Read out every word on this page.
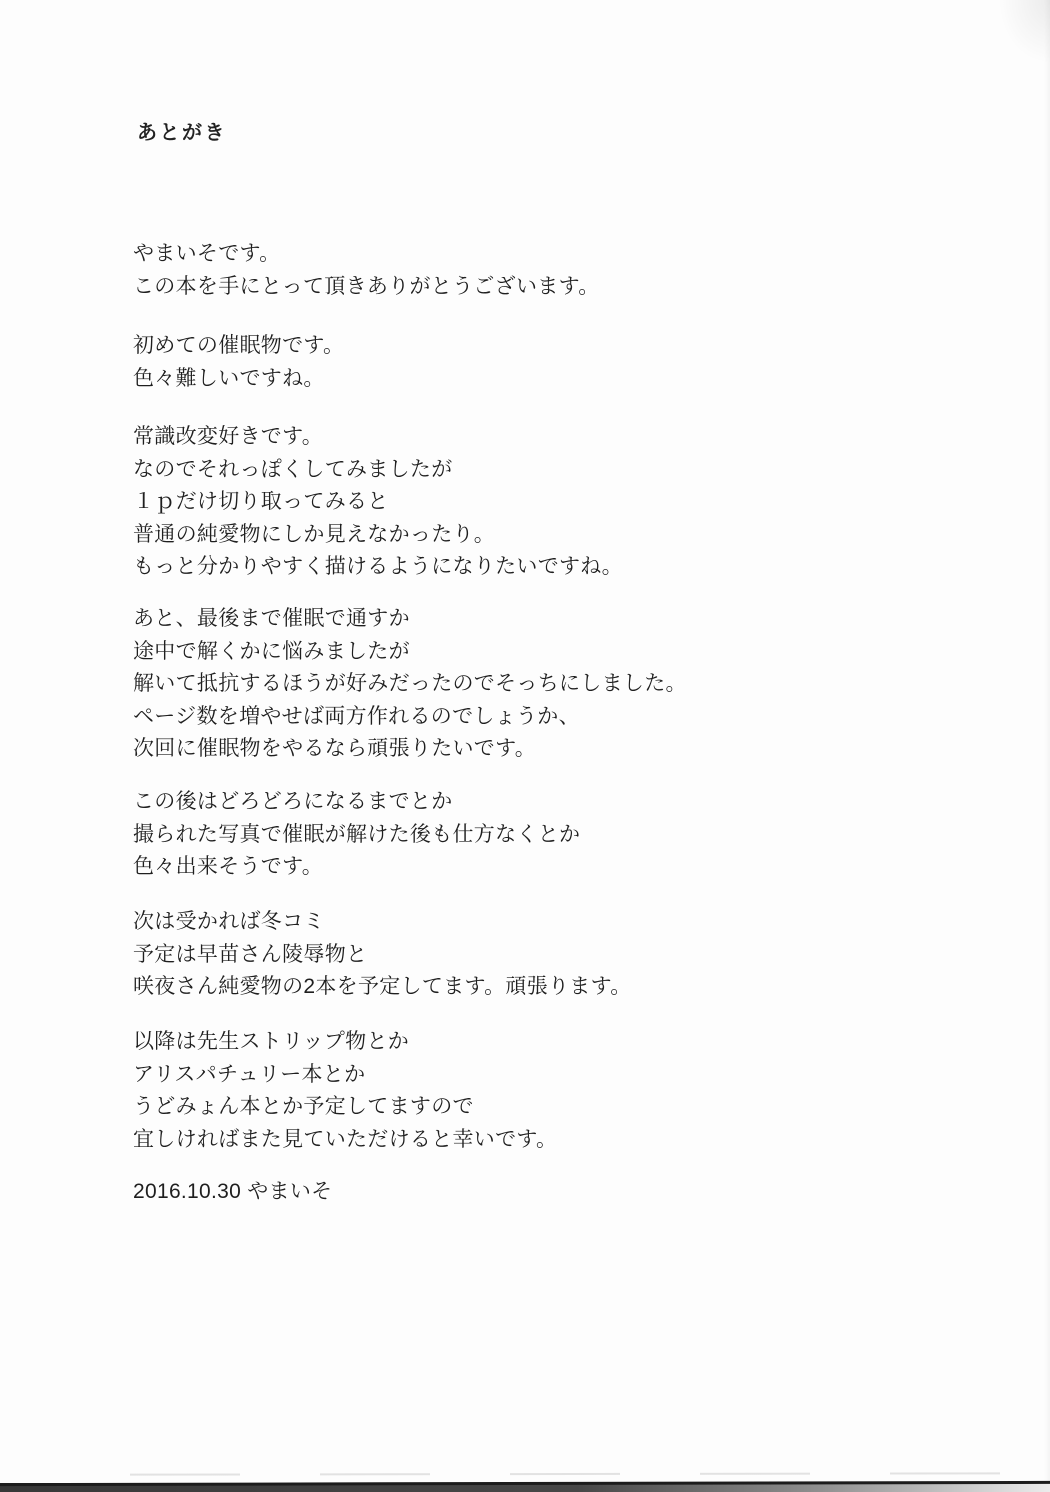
あとがき
やまいそです。
この本を手にとって頂きありがとうございます。
初めての催眠物です。
色々難しいですね。
常識改変好きです。
なのでそれっぽくしてみましたが
１ｐだけ切り取ってみると
普通の純愛物にしか見えなかったり。
もっと分かりやすく描けるようになりたいですね。
あと、最後まで催眠で通すか
途中で解くかに悩みましたが
解いて抵抗するほうが好みだったのでそっちにしました。
ページ数を増やせば両方作れるのでしょうか、
次回に催眠物をやるなら頑張りたいです。
この後はどろどろになるまでとか
撮られた写真で催眠が解けた後も仕方なくとか
色々出来そうです。
次は受かれば冬コミ
予定は早苗さん陵辱物と
咲夜さん純愛物の2本を予定してます。頑張ります。
以降は先生ストリップ物とか
アリスパチュリー本とか
うどみょん本とか予定してますので
宜しければまた見ていただけると幸いです。
2016.10.30 やまいそ
